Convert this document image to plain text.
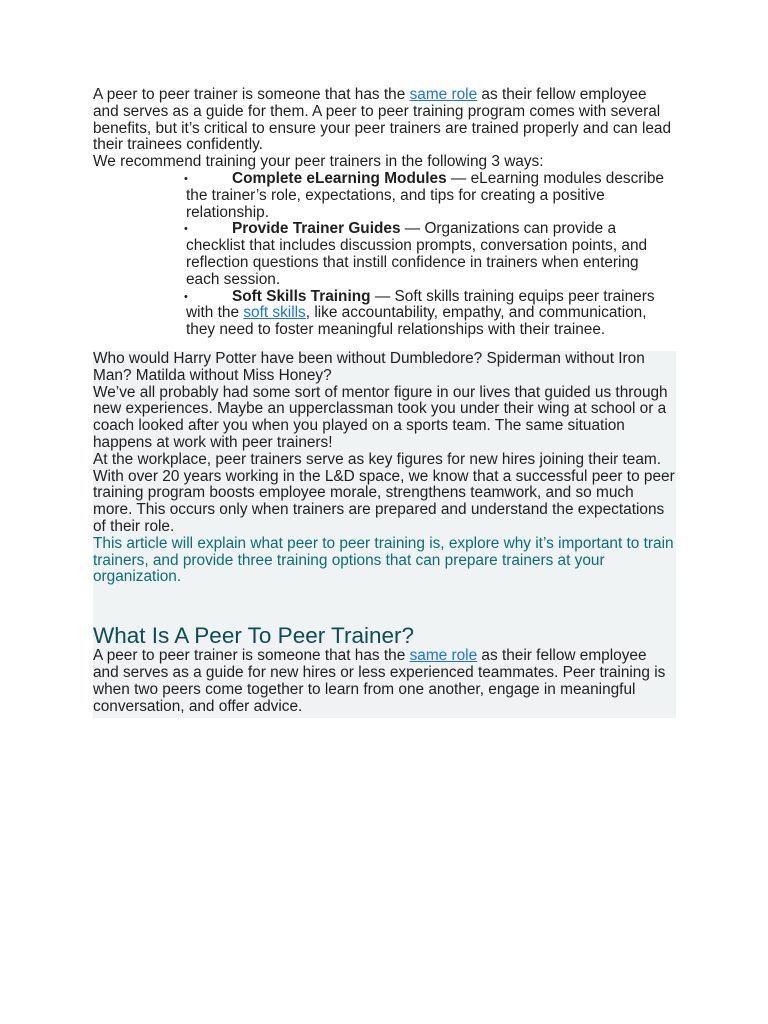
A peer to peer trainer is someone that has the same role as their fellow employee and serves as a guide for them. A peer to peer training program comes with several benefits, but it’s critical to ensure your peer trainers are trained properly and can lead their trainees confidently.

We recommend training your peer trainers in the following 3 ways:

•	Complete eLearning Modules — eLearning modules describe the trainer’s role, expectations, and tips for creating a positive relationship.
•	Provide Trainer Guides — Organizations can provide a checklist that includes discussion prompts, conversation points, and reflection questions that instill confidence in trainers when entering each session.
•	Soft Skills Training — Soft skills training equips peer trainers with the soft skills, like accountability, empathy, and communication, they need to foster meaningful relationships with their trainee.

Who would Harry Potter have been without Dumbledore? Spiderman without Iron Man? Matilda without Miss Honey?

We’ve all probably had some sort of mentor figure in our lives that guided us through new experiences. Maybe an upperclassman took you under their wing at school or a coach looked after you when you played on a sports team. The same situation happens at work with peer trainers!

At the workplace, peer trainers serve as key figures for new hires joining their team. With over 20 years working in the L&D space, we know that a successful peer to peer training program boosts employee morale, strengthens teamwork, and so much more. This occurs only when trainers are prepared and understand the expectations of their role.

This article will explain what peer to peer training is, explore why it’s important to train trainers, and provide three training options that can prepare trainers at your organization.

What Is A Peer To Peer Trainer?

A peer to peer trainer is someone that has the same role as their fellow employee and serves as a guide for new hires or less experienced teammates. Peer training is when two peers come together to learn from one another, engage in meaningful conversation, and offer advice.
